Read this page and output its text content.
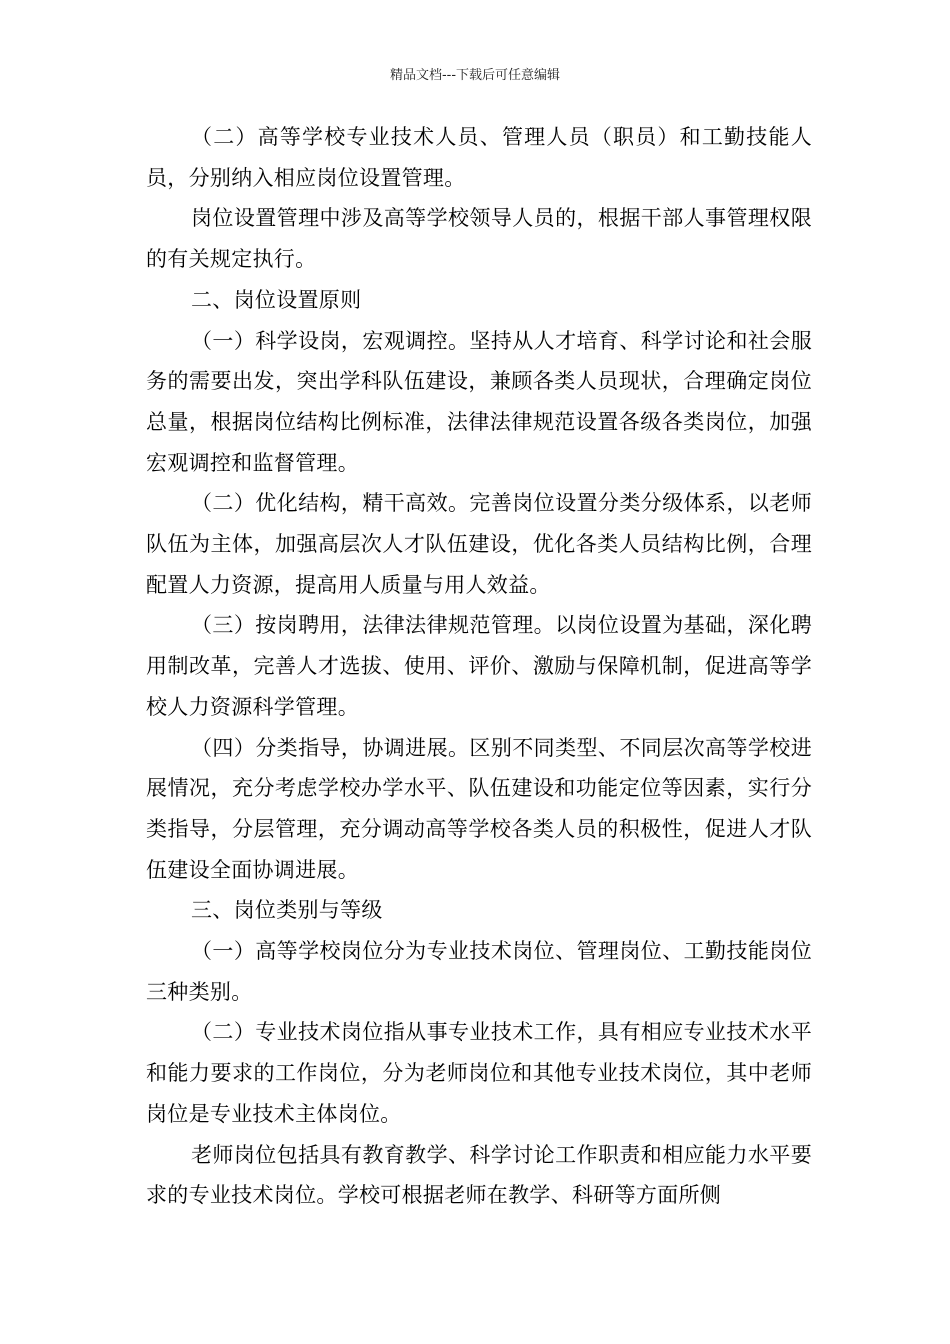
精品文档---下载后可任意编辑

（二）高等学校专业技术人员、管理人员（职员）和工勤技能人员，分别纳入相应岗位设置管理。

岗位设置管理中涉及高等学校领导人员的，根据干部人事管理权限的有关规定执行。

二、岗位设置原则

（一）科学设岗，宏观调控。坚持从人才培育、科学讨论和社会服务的需要出发，突出学科队伍建设，兼顾各类人员现状，合理确定岗位总量，根据岗位结构比例标准，法律法律规范设置各级各类岗位，加强宏观调控和监督管理。

（二）优化结构，精干高效。完善岗位设置分类分级体系，以老师队伍为主体，加强高层次人才队伍建设，优化各类人员结构比例，合理配置人力资源，提高用人质量与用人效益。

（三）按岗聘用，法律法律规范管理。以岗位设置为基础，深化聘用制改革，完善人才选拔、使用、评价、激励与保障机制，促进高等学校人力资源科学管理。

（四）分类指导，协调进展。区别不同类型、不同层次高等学校进展情况，充分考虑学校办学水平、队伍建设和功能定位等因素，实行分类指导，分层管理，充分调动高等学校各类人员的积极性，促进人才队伍建设全面协调进展。

三、岗位类别与等级

（一）高等学校岗位分为专业技术岗位、管理岗位、工勤技能岗位三种类别。

（二）专业技术岗位指从事专业技术工作，具有相应专业技术水平和能力要求的工作岗位，分为老师岗位和其他专业技术岗位，其中老师岗位是专业技术主体岗位。

老师岗位包括具有教育教学、科学讨论工作职责和相应能力水平要求的专业技术岗位。学校可根据老师在教学、科研等方面所侧
